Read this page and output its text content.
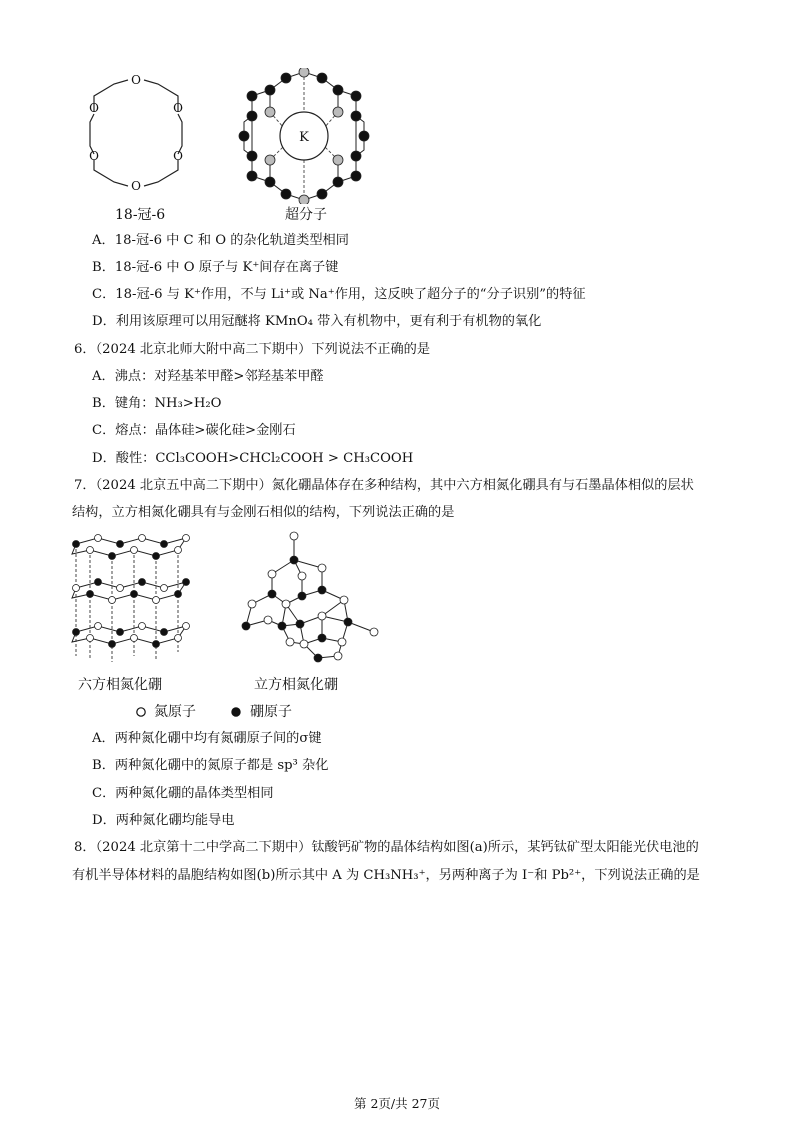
O
O	O
O	O
O
18-冠-6
K
超分子
A．18-冠-6 中 C 和 O 的杂化轨道类型相同
B．18-冠-6 中 O 原子与 K⁺间存在离子键
C．18-冠-6 与 K⁺作用，不与 Li⁺或 Na⁺作用，这反映了超分子的“分子识别”的特征
D．利用该原理可以用冠醚将 KMnO₄ 带入有机物中，更有利于有机物的氧化
6．（2024 北京北师大附中高二下期中）下列说法不正确的是
A．沸点：对羟基苯甲醛>邻羟基苯甲醛
B．键角：NH₃>H₂O
C．熔点：晶体硅>碳化硅>金刚石
D．酸性：CCl₃COOH>CHCl₂COOH > CH₃COOH
7．（2024 北京五中高二下期中）氮化硼晶体存在多种结构，其中六方相氮化硼具有与石墨晶体相似的层状
结构，立方相氮化硼具有与金刚石相似的结构，下列说法正确的是
六方相氮化硼	立方相氮化硼
氮原子	硼原子
A．两种氮化硼中均有氮硼原子间的σ键
B．两种氮化硼中的氮原子都是 sp³ 杂化
C．两种氮化硼的晶体类型相同
D．两种氮化硼均能导电
8．（2024 北京第十二中学高二下期中）钛酸钙矿物的晶体结构如图(a)所示，某钙钛矿型太阳能光伏电池的
有机半导体材料的晶胞结构如图(b)所示其中 A 为 CH₃NH₃⁺，另两种离子为 I⁻和 Pb²⁺，下列说法正确的是
第 2页/共 27页
